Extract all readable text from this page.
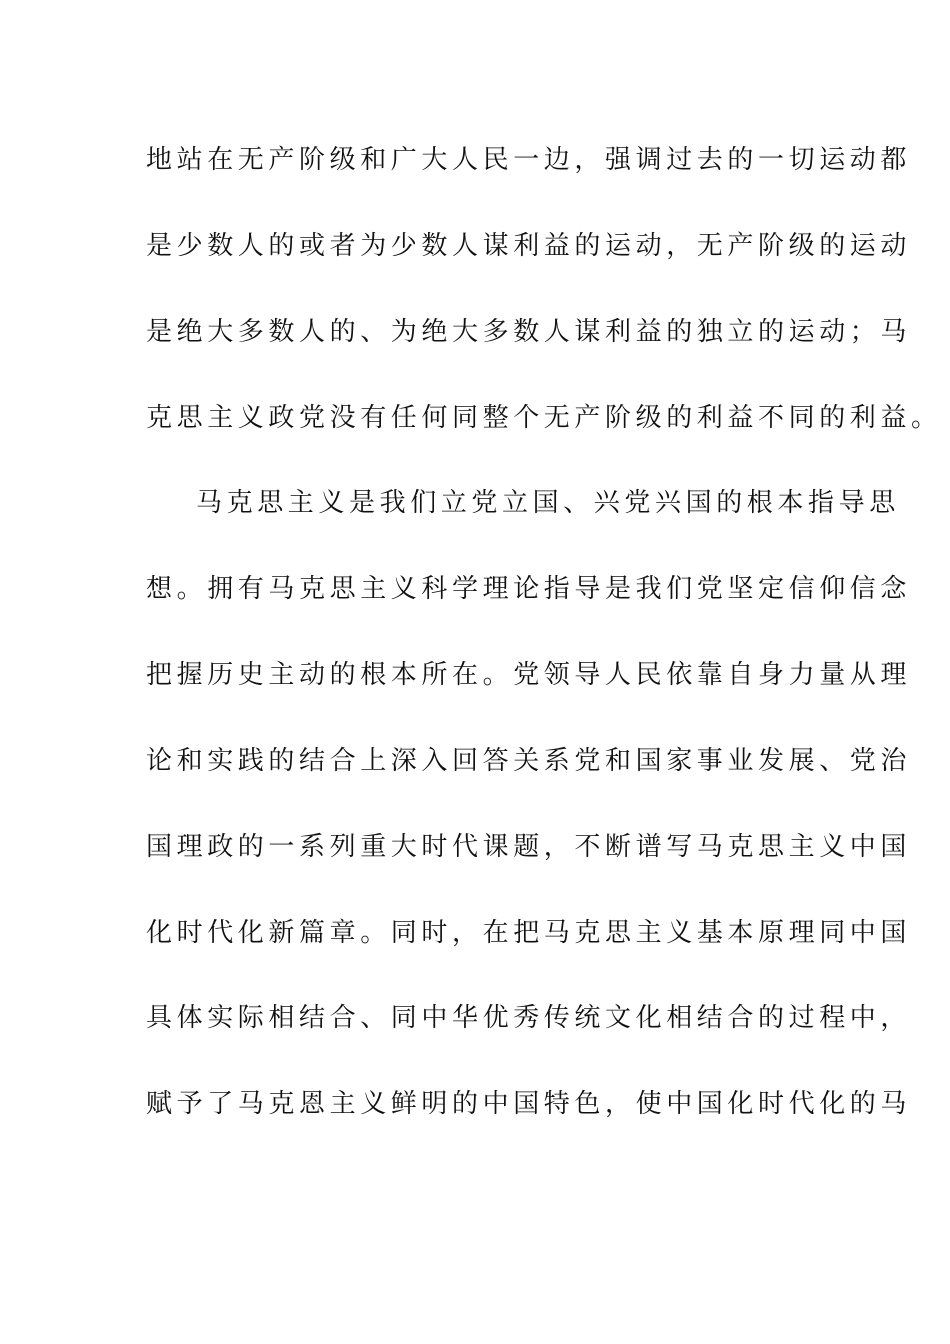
地站在无产阶级和广大人民一边，强调过去的一切运动都
是少数人的或者为少数人谋利益的运动，无产阶级的运动
是绝大多数人的、为绝大多数人谋利益的独立的运动；马
克思主义政党没有任何同整个无产阶级的利益不同的利益。
马克思主义是我们立党立国、兴党兴国的根本指导思
想。拥有马克思主义科学理论指导是我们党坚定信仰信念
把握历史主动的根本所在。党领导人民依靠自身力量从理
论和实践的结合上深入回答关系党和国家事业发展、党治
国理政的一系列重大时代课题，不断谱写马克思主义中国
化时代化新篇章。同时，在把马克思主义基本原理同中国
具体实际相结合、同中华优秀传统文化相结合的过程中，
赋予了马克恩主义鲜明的中国特色，使中国化时代化的马
